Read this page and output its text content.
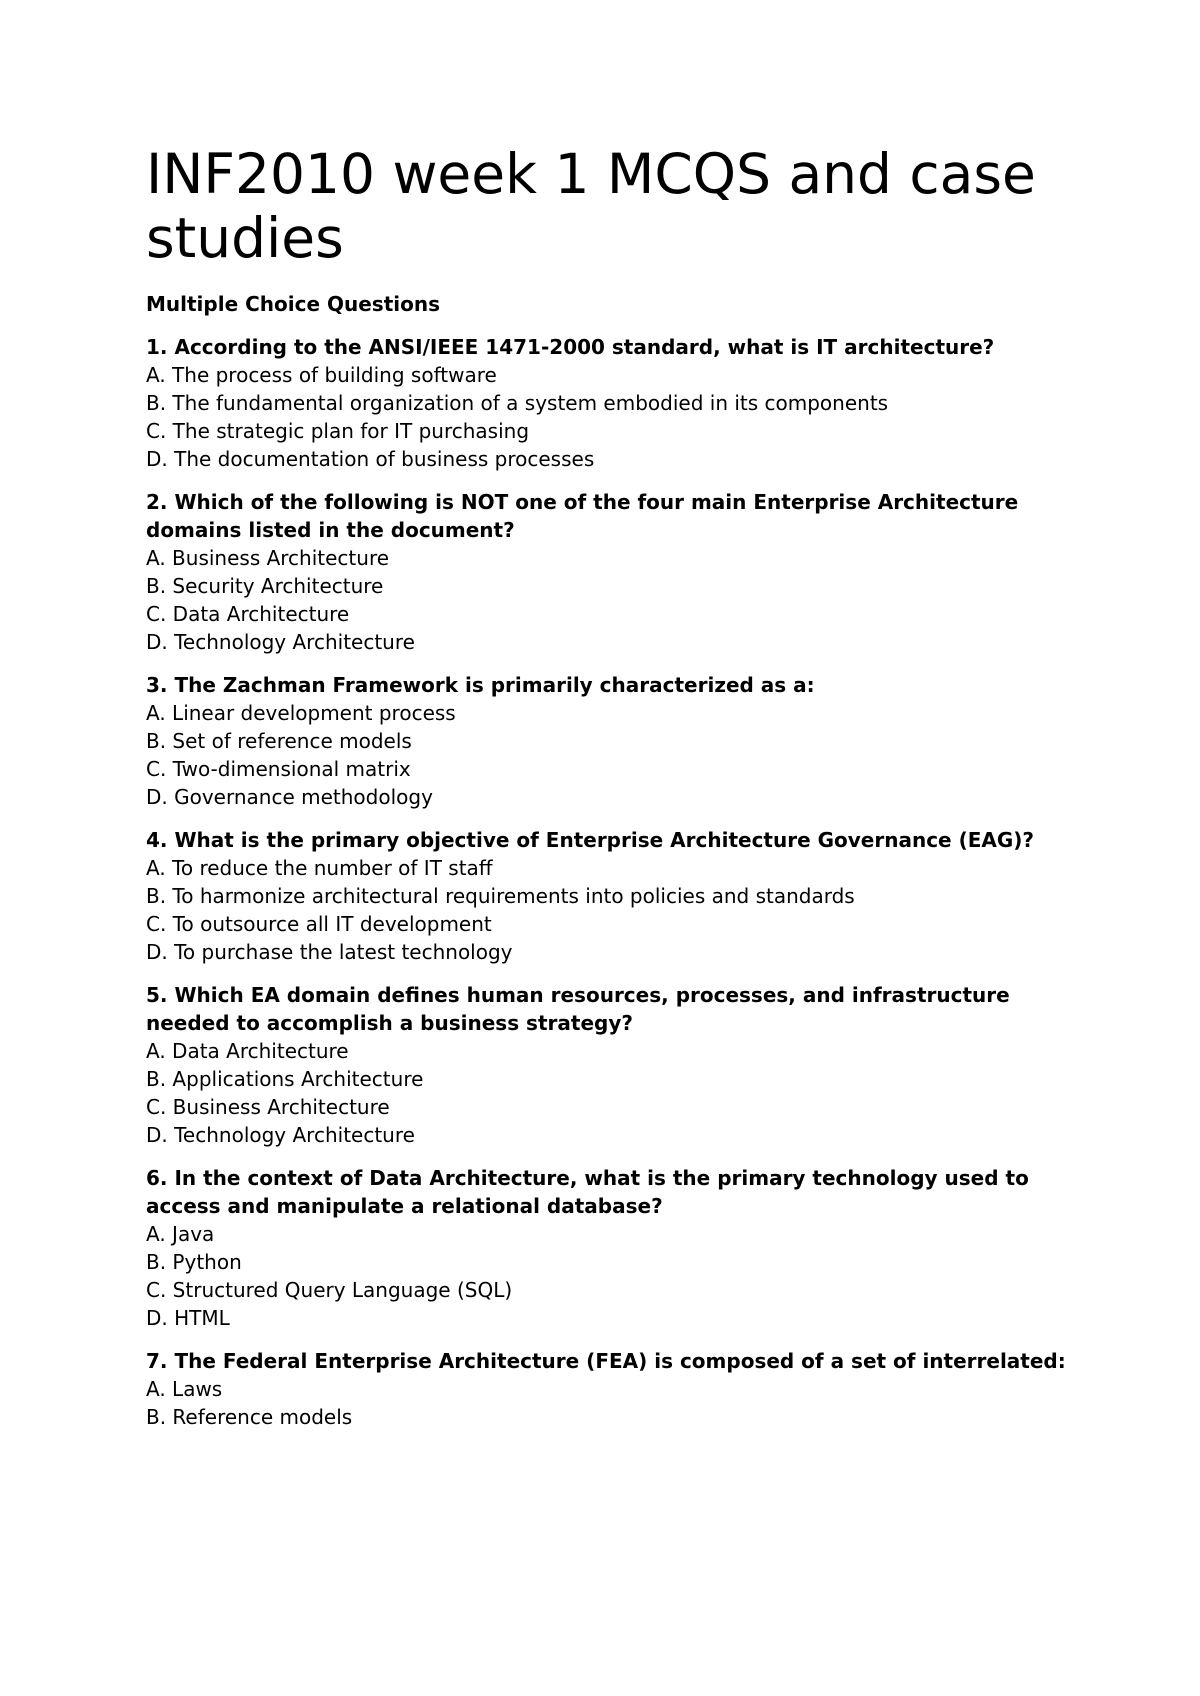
INF2010 week 1 MCQS and case studies
Multiple Choice Questions

1. According to the ANSI/IEEE 1471-2000 standard, what is IT architecture?

A. The process of building software

B. The fundamental organization of a system embodied in its components

C. The strategic plan for IT purchasing

D. The documentation of business processes

2. Which of the following is NOT one of the four main Enterprise Architecture domains listed in the document?

A. Business Architecture

B. Security Architecture

C. Data Architecture

D. Technology Architecture

3. The Zachman Framework is primarily characterized as a:

A. Linear development process

B. Set of reference models

C. Two-dimensional matrix

D. Governance methodology

4. What is the primary objective of Enterprise Architecture Governance (EAG)?

A. To reduce the number of IT staff

B. To harmonize architectural requirements into policies and standards

C. To outsource all IT development

D. To purchase the latest technology

5. Which EA domain defines human resources, processes, and infrastructure needed to accomplish a business strategy?

A. Data Architecture

B. Applications Architecture

C. Business Architecture

D. Technology Architecture

6. In the context of Data Architecture, what is the primary technology used to access and manipulate a relational database?

A. Java

B. Python

C. Structured Query Language (SQL)

D. HTML

7. The Federal Enterprise Architecture (FEA) is composed of a set of interrelated:

A. Laws

B. Reference models
